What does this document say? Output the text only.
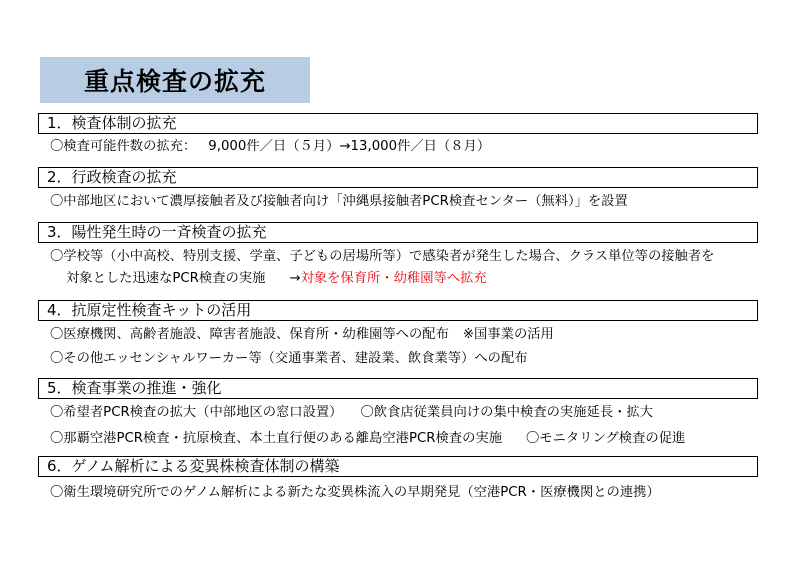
重点検査の拡充
1．検査体制の拡充
〇検査可能件数の拡充： 9,000件／日（５月）→13,000件／日（８月）
2．行政検査の拡充
〇中部地区において濃厚接触者及び接触者向け「沖縄県接触者PCR検査センター（無料）」を設置
3．陽性発生時の一斉検査の拡充
〇学校等（小中高校、特別支援、学童、子どもの居場所等）で感染者が発生した場合、クラス単位等の接触者を
対象とした迅速なPCR検査の実施 →対象を保育所・幼稚園等へ拡充
4．抗原定性検査キットの活用
〇医療機関、高齢者施設、障害者施設、保育所・幼稚園等への配布 ※国事業の活用
〇その他エッセンシャルワーカー等（交通事業者、建設業、飲食業等）への配布
5．検査事業の推進・強化
〇希望者PCR検査の拡大（中部地区の窓口設置） 〇飲食店従業員向けの集中検査の実施延長・拡大
〇那覇空港PCR検査・抗原検査、本土直行便のある離島空港PCR検査の実施 〇モニタリング検査の促進
6．ゲノム解析による変異株検査体制の構築
〇衛生環境研究所でのゲノム解析による新たな変異株流入の早期発見（空港PCR・医療機関との連携）
